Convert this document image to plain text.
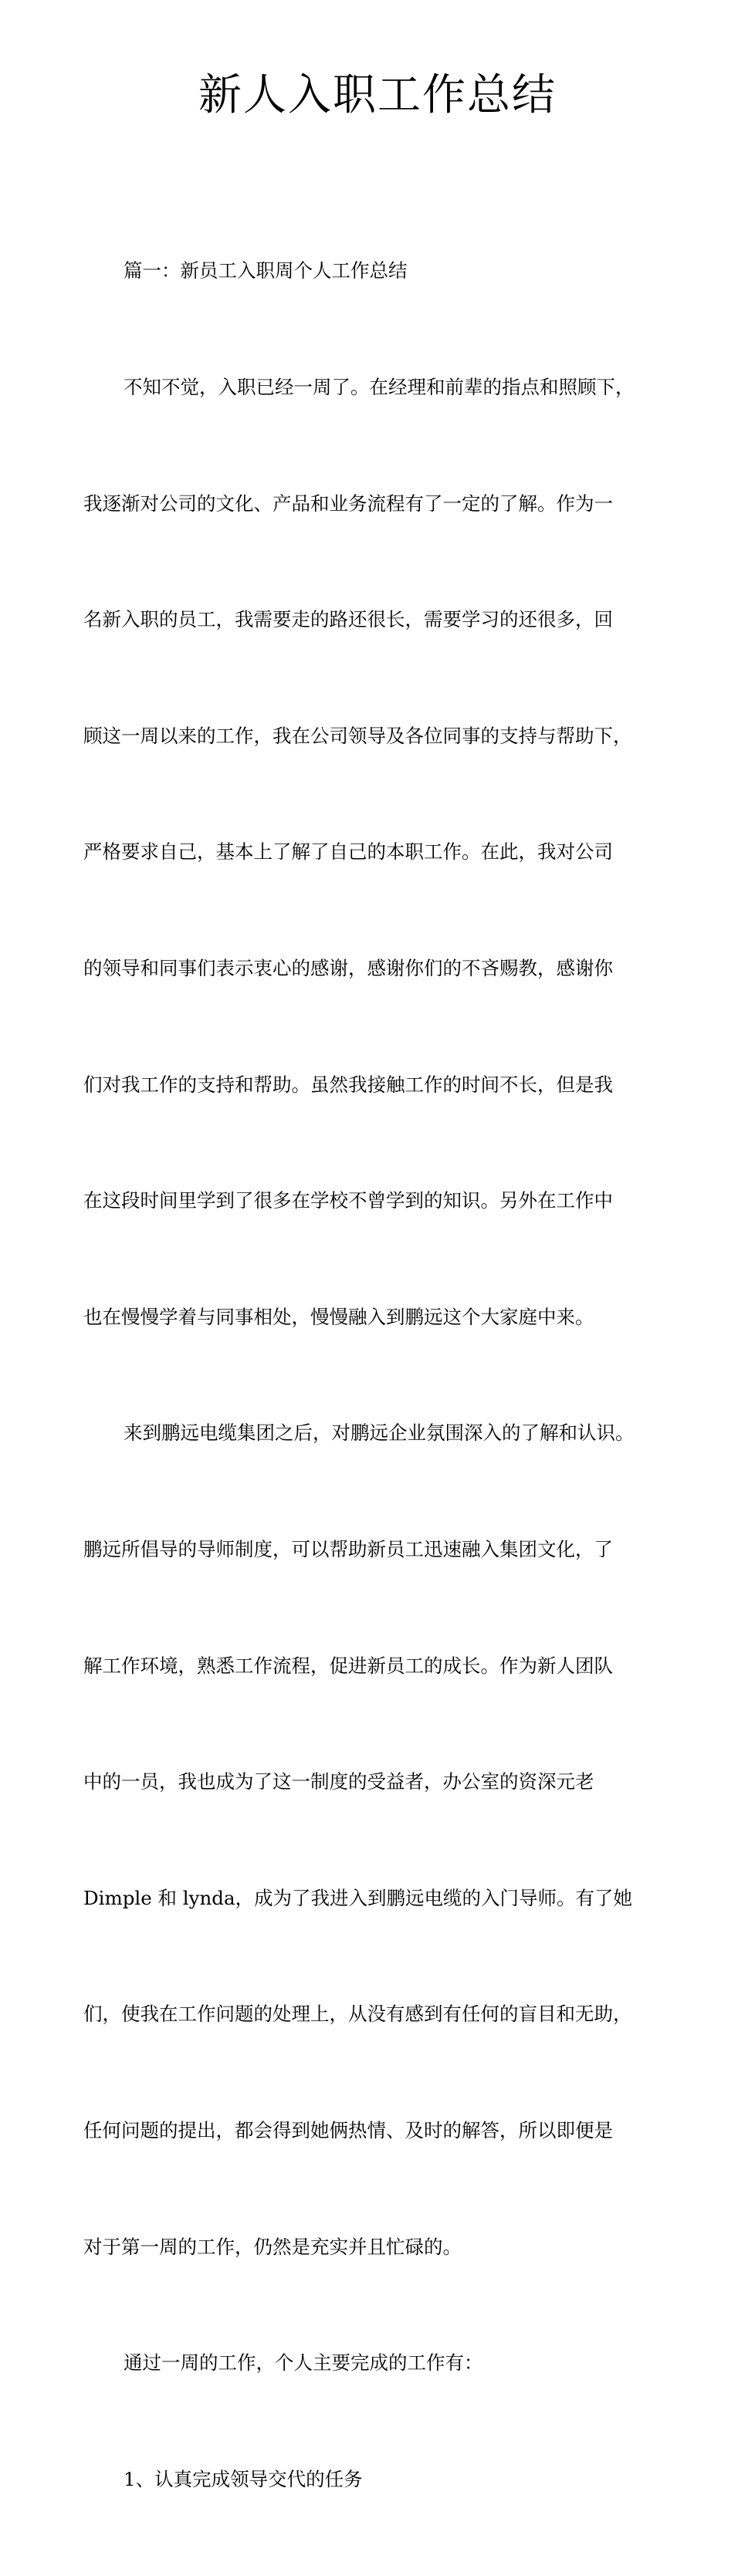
新人入职工作总结

篇一：新员工入职周个人工作总结

不知不觉，入职已经一周了。在经理和前辈的指点和照顾下，

我逐渐对公司的文化、产品和业务流程有了一定的了解。作为一

名新入职的员工，我需要走的路还很长，需要学习的还很多，回

顾这一周以来的工作，我在公司领导及各位同事的支持与帮助下，

严格要求自己，基本上了解了自己的本职工作。在此，我对公司

的领导和同事们表示衷心的感谢，感谢你们的不吝赐教，感谢你

们对我工作的支持和帮助。虽然我接触工作的时间不长，但是我

在这段时间里学到了很多在学校不曾学到的知识。另外在工作中

也在慢慢学着与同事相处，慢慢融入到鹏远这个大家庭中来。

来到鹏远电缆集团之后，对鹏远企业氛围深入的了解和认识。

鹏远所倡导的导师制度，可以帮助新员工迅速融入集团文化，了

解工作环境，熟悉工作流程，促进新员工的成长。作为新人团队

中的一员，我也成为了这一制度的受益者，办公室的资深元老

Dimple 和 lynda，成为了我进入到鹏远电缆的入门导师。有了她

们，使我在工作问题的处理上，从没有感到有任何的盲目和无助，

任何问题的提出，都会得到她俩热情、及时的解答，所以即便是

对于第一周的工作，仍然是充实并且忙碌的。

通过一周的工作，个人主要完成的工作有：

1、认真完成领导交代的任务
